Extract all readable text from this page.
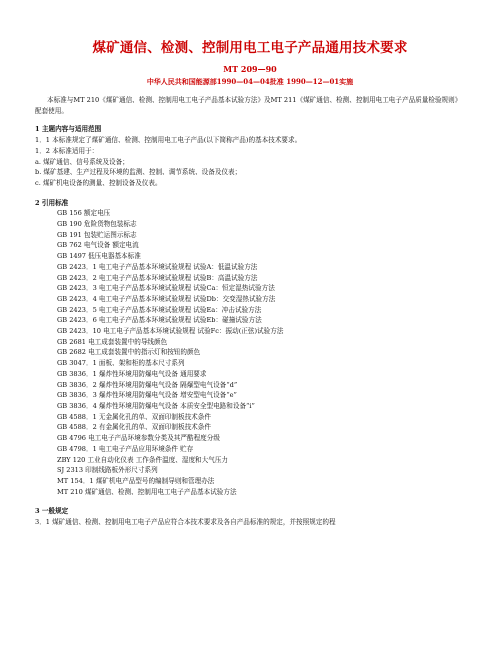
煤矿通信、检测、控制用电工电子产品通用技术要求
MT 209—90
中华人民共和国能源部1990—04—04批准 1990—12—01实施

本标准与MT 210《煤矿通信、检测、控制用电工电子产品基本试验方法》及MT 211《煤矿通信、检测、控制用电工电子产品质量检验规则》配套使用。

1 主题内容与适用范围
1．1 本标准规定了煤矿通信、检测、控制用电工电子产品(以下简称产品)的基本技术要求。
1．2 本标准适用于：
a. 煤矿通信、信号系统及设备；
b. 煤矿基建、生产过程及环境的监测、控制、调节系统、设备及仪表；
c. 煤矿机电设备的测量、控制设备及仪表。
2 引用标准
GB 156 额定电压
GB 190 危险货物包装标志
GB 191 包装贮运图示标志
GB 762 电气设备 额定电流
GB 1497 低压电器基本标准
GB 2423．1 电工电子产品基本环境试验规程 试验A：低温试验方法
GB 2423．2 电工电子产品基本环境试验规程 试验B：高温试验方法
GB 2423．3 电工电子产品基本环境试验规程 试验Ca：恒定湿热试验方法
GB 2423．4 电工电子产品基本环境试验规程 试验Db：交变湿热试验方法
GB 2423．5 电工电子产品基本环境试验规程 试验Ea：冲击试验方法
GB 2423．6 电工电子产品基本环境试验规程 试验Eb：碰撞试验方法
GB 2423．10 电工电子产品基本环境试验规程 试验Fc：振动(正弦)试验方法
GB 2681 电工成套装置中的导线颜色
GB 2682 电工成套装置中的指示灯和按钮的颜色
GB 3047．1 面板、架和柜的基本尺寸系列
GB 3836．1 爆炸性环境用防爆电气设备 通用要求
GB 3836．2 爆炸性环境用防爆电气设备 隔爆型电气设备“d”
GB 3836．3 爆炸性环境用防爆电气设备 增安型电气设备“e”
GB 3836．4 爆炸性环境用防爆电气设备 本质安全型电路和设备“i”
GB 4588．1 无金属化孔的单、双面印制板技术条件
GB 4588．2 有金属化孔的单、双面印制板技术条件
GB 4796 电工电子产品环境参数分类及其严酷程度分级
GB 4798．1 电工电子产品应用环境条件 贮存
ZBY 120 工业自动化仪表 工作条件温度、湿度和大气压力
SJ 2313 印制线路板外形尺寸系列
MT 154．1 煤矿机电产品型号的编制导则和管理办法
MT 210 煤矿通信、检测、控制用电工电子产品基本试验方法
3 一般规定
3．1 煤矿通信、检测、控制用电工电子产品应符合本技术要求及各自产品标准的规定，并按照规定的程
